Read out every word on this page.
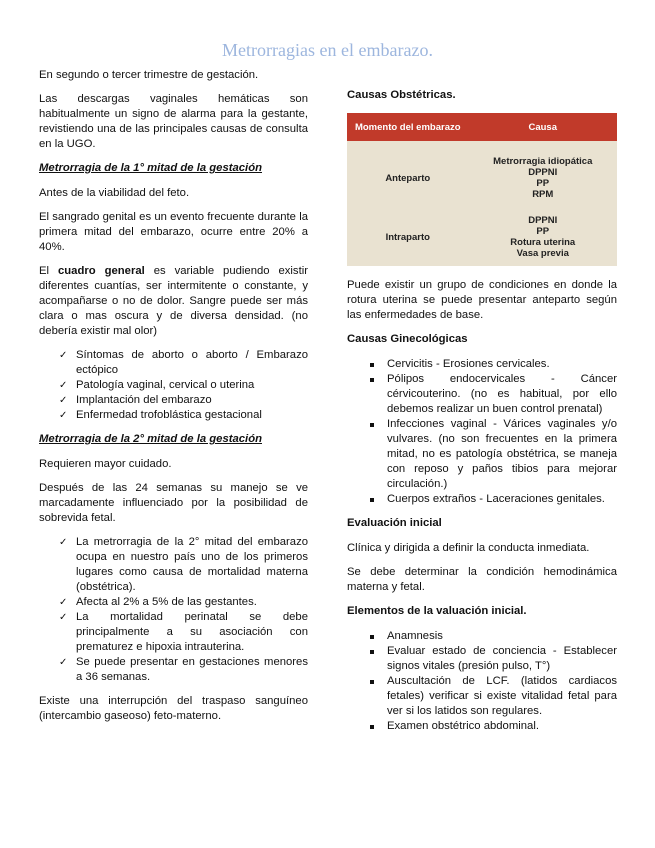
Metrorragias en el embarazo.

En segundo o tercer trimestre de gestación.

Las descargas vaginales hemáticas son habitualmente un signo de alarma para la gestante, revistiendo una de las principales causas de consulta en la UGO.

Metrorragia de la 1° mitad de la gestación

Antes de la viabilidad del feto.

El sangrado genital es un evento frecuente durante la primera mitad del embarazo, ocurre entre 20% a 40%.

El cuadro general es variable pudiendo existir diferentes cuantías, ser intermitente o constante, y acompañarse o no de dolor. Sangre puede ser más clara o mas oscura y de diversa densidad. (no debería existir mal olor)

✓ Síntomas de aborto o aborto / Embarazo ectópico
✓ Patología vaginal, cervical o uterina
✓ Implantación del embarazo
✓ Enfermedad trofoblástica gestacional
Metrorragia de la 2° mitad de la gestación

Requieren mayor cuidado.

Después de las 24 semanas su manejo se ve marcadamente influenciado por la posibilidad de sobrevida fetal.

✓ La metrorragia de la 2° mitad del embarazo ocupa en nuestro país uno de los primeros lugares como causa de mortalidad materna (obstétrica).
✓ Afecta al 2% a 5% de las gestantes.
✓ La mortalidad perinatal se debe principalmente a su asociación con prematurez e hipoxia intrauterina.
✓ Se puede presentar en gestaciones menores a 36 semanas.

Existe una interrupción del traspaso sanguíneo (intercambio gaseoso) feto-materno.

Causas Obstétricas.
Momento del embarazo	Causa
Anteparto	Metrorragia idiopática
DPPNI
PP
RPM

Intraparto	DPPNI
PP
Rotura uterina
Vasa previa

Puede existir un grupo de condiciones en donde la rotura uterina se puede presentar anteparto según las enfermedades de base.

Causas Ginecológicas
Cervicitis - Erosiones cervicales.
Pólipos endocervicales - Cáncer cérvicouterino. (no es habitual, por ello debemos realizar un buen control prenatal)
Infecciones vaginal - Várices vaginales y/o vulvares. (no son frecuentes en la primera mitad, no es patología obstétrica, se maneja con reposo y paños tibios para mejorar circulación.)
Cuerpos extraños - Laceraciones genitales.
Evaluación inicial

Clínica y dirigida a definir la conducta inmediata.

Se debe determinar la condición hemodinámica materna y fetal.

Elementos de la valuación inicial.
Anamnesis
Evaluar estado de conciencia - Establecer signos vitales (presión pulso, T°)
Auscultación de LCF. (latidos cardiacos fetales) verificar si existe vitalidad fetal para ver si los latidos son regulares.
Examen obstétrico abdominal.
